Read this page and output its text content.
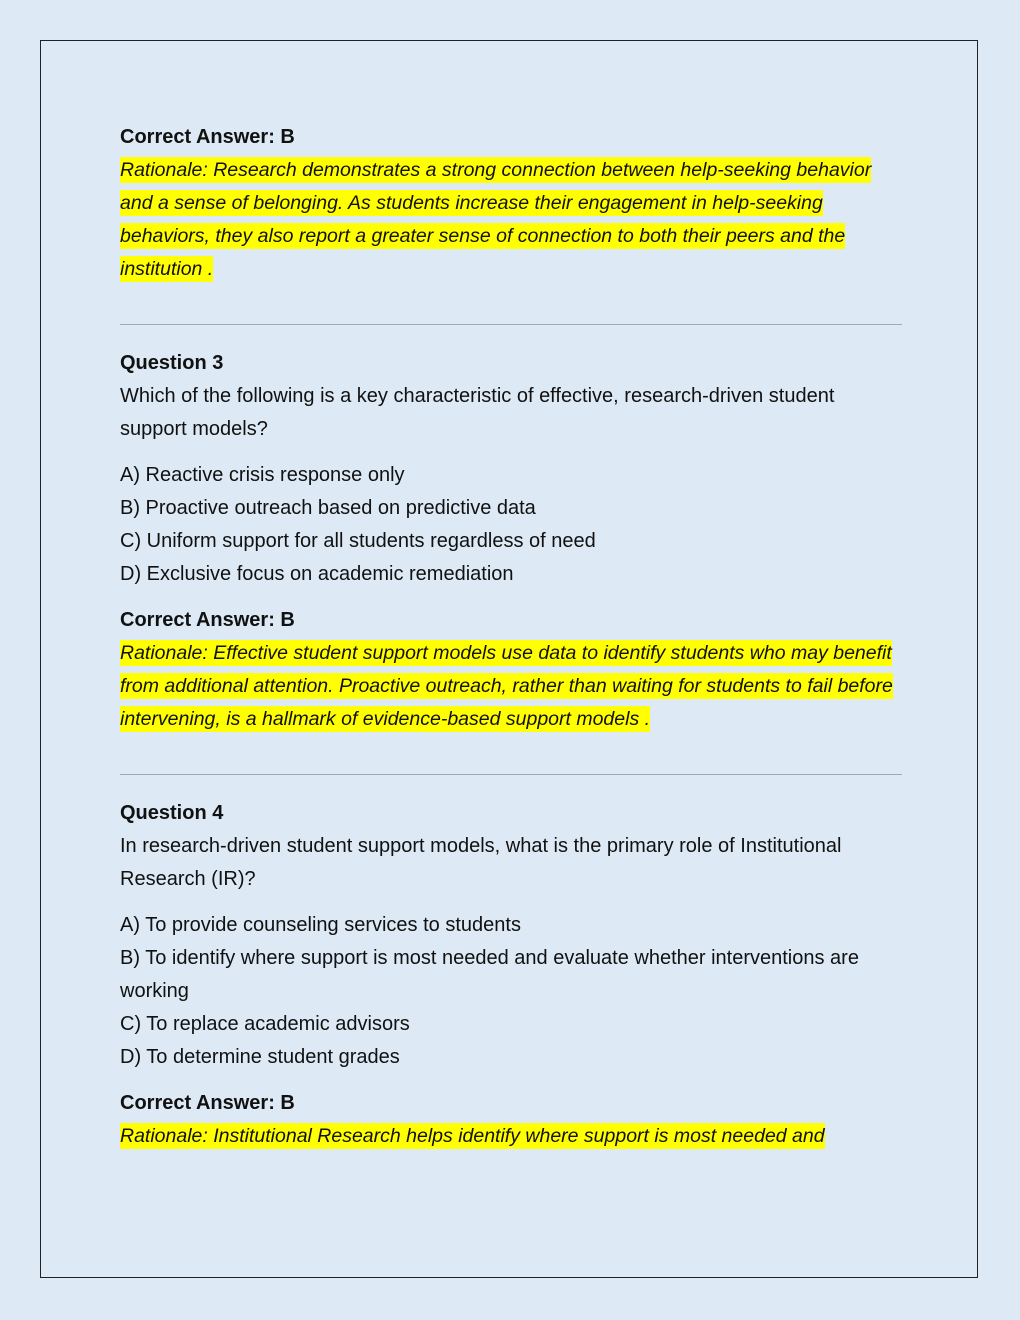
Correct Answer: B

Rationale: Research demonstrates a strong connection between help-seeking behavior and a sense of belonging. As students increase their engagement in help-seeking behaviors, they also report a greater sense of connection to both their peers and the institution .

Question 3

Which of the following is a key characteristic of effective, research-driven student support models?

A) Reactive crisis response only
B) Proactive outreach based on predictive data
C) Uniform support for all students regardless of need
D) Exclusive focus on academic remediation

Correct Answer: B

Rationale: Effective student support models use data to identify students who may benefit from additional attention. Proactive outreach, rather than waiting for students to fail before intervening, is a hallmark of evidence-based support models .

Question 4

In research-driven student support models, what is the primary role of Institutional Research (IR)?

A) To provide counseling services to students
B) To identify where support is most needed and evaluate whether interventions are working
C) To replace academic advisors
D) To determine student grades

Correct Answer: B

Rationale: Institutional Research helps identify where support is most needed and
